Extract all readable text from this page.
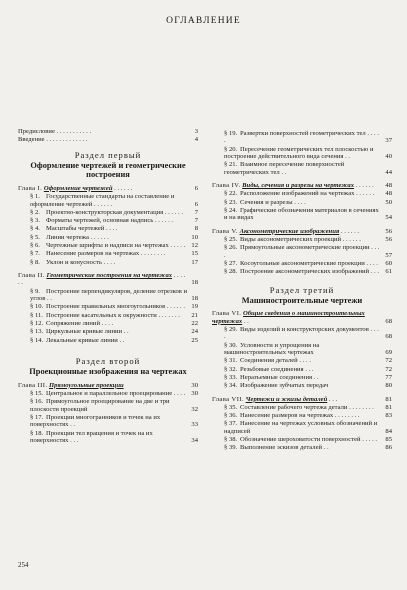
ОГЛАВЛЕНИЕ
Предисловие . . . . . . . . . . .	3
Введение . . . . . . . . . . . . .	4
Раздел первый
Оформление чертежей и геометрические построения
Глава I. Оформление чертежей . . . . . .	6
§ 1. Государственные стандарты на составление и оформление чертежей . . . . . .	6
§ 2. Проектно-конструкторская документация . . . . . .	7
§ 3. Форматы чертежей, основная надпись . . . . . .	7
§ 4. Масштабы чертежей . . . .	8
§ 5. Линии чертежа . . . . . .	10
§ 6. Чертежные шрифты и надписи на чертежах . . . . . 12
§ 7. Нанесение размеров на чертежах . . . . . . . .	15
§ 8. Уклон и конусность . . . .	17
Глава II. Геометрические построения на чертежах . . . . . .	18
§ 9. Построение перпендикуляров, деление отрезков и углов . .	18
§ 10. Построение правильных многоугольников . . . . . . 19
§ 11. Построение касательных к окружности . . . . . . .	21
§ 12. Сопряжение линий . . . .	22
§ 13. Циркульные кривые линии . .	24
§ 14. Лекальные кривые линии . .	25
Раздел второй
Проекционные изображения на чертежах
Глава III. Прямоугольные проекции	30
§ 15. Центральное и параллельное проецирование . . . . 30
§ 16. Прямоугольное проецирование на две и три плоскости проекций	32
§ 17. Проекции многогранников и точек на их поверхностях . .	33
§ 18. Проекции тел вращения и точек на их поверхностях . . .	34
§ 19. Развертки поверхностей геометрических тел . . . . .	37
§ 20. Пересечение геометрических тел плоскостью и построение действительного вида сечения . .	40
§ 21. Взаимное пересечение поверхностей геометрических тел . .	44
Глава IV. Виды, сечения и разрезы на чертежах . . . . . .	48
§ 22. Расположение изображений на чертежах . . . . . .	48
§ 23. Сечения и разрезы . . . .	50
§ 24. Графические обозначения материалов в сечениях и на видах	54
Глава V. Аксонометрические изображения . . . . . .	56
§ 25. Виды аксонометрических проекций . . . . . .	56
§ 26. Прямоугольные аксонометрические проекции . . . .	57
§ 27. Косоугольные аксонометрические проекции . . . .	60
§ 28. Построение аксонометрических изображений . . . 61
Раздел третий
Машиностроительные чертежи
Глава VI. Общие сведения о машиностроительных чертежах . .	68
§ 29. Виды изделий и конструкторских документов . . . .	68
§ 30. Условности и упрощения на машиностроительных чертежах	69
§ 31. Соединения деталей . . . .	72
§ 32. Резьбовые соединения . . .	72
§ 33. Неразъемные соединения . .	77
§ 34. Изображение зубчатых передач	80
Глава VII. Чертежи и эскизы деталей . . .	81
§ 35. Составление рабочего чертежа детали . . . . . . . .	81
§ 36. Нанесение размеров на чертежах . . . . . . . .	83
§ 37. Нанесение на чертежах условных обозначений и надписей	84
§ 38. Обозначение шероховатости поверхностей . . . . .	85
§ 39. Выполнение эскизов деталей . .	86
254
